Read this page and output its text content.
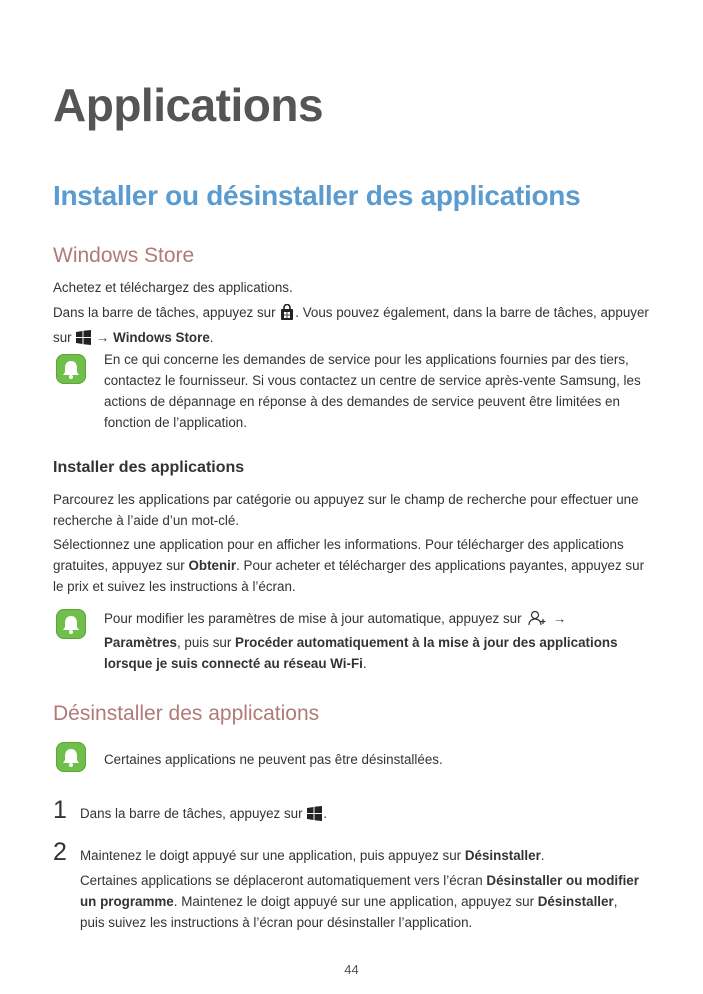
Applications
Installer ou désinstaller des applications
Windows Store
Achetez et téléchargez des applications.
Dans la barre de tâches, appuyez sur . Vous pouvez également, dans la barre de tâches, appuyer
sur  → Windows Store.
En ce qui concerne les demandes de service pour les applications fournies par des tiers, contactez le fournisseur. Si vous contactez un centre de service après-vente Samsung, les actions de dépannage en réponse à des demandes de service peuvent être limitées en fonction de l’application.
Installer des applications
Parcourez les applications par catégorie ou appuyez sur le champ de recherche pour effectuer une recherche à l’aide d’un mot-clé.
Sélectionnez une application pour en afficher les informations. Pour télécharger des applications gratuites, appuyez sur Obtenir. Pour acheter et télécharger des applications payantes, appuyez sur le prix et suivez les instructions à l’écran.
Pour modifier les paramètres de mise à jour automatique, appuyez sur  → Paramètres, puis sur Procéder automatiquement à la mise à jour des applications lorsque je suis connecté au réseau Wi-Fi.
Désinstaller des applications
Certaines applications ne peuvent pas être désinstallées.
1 Dans la barre de tâches, appuyez sur .
2 Maintenez le doigt appuyé sur une application, puis appuyez sur Désinstaller.
Certaines applications se déplaceront automatiquement vers l’écran Désinstaller ou modifier un programme. Maintenez le doigt appuyé sur une application, appuyez sur Désinstaller, puis suivez les instructions à l’écran pour désinstaller l’application.
44
